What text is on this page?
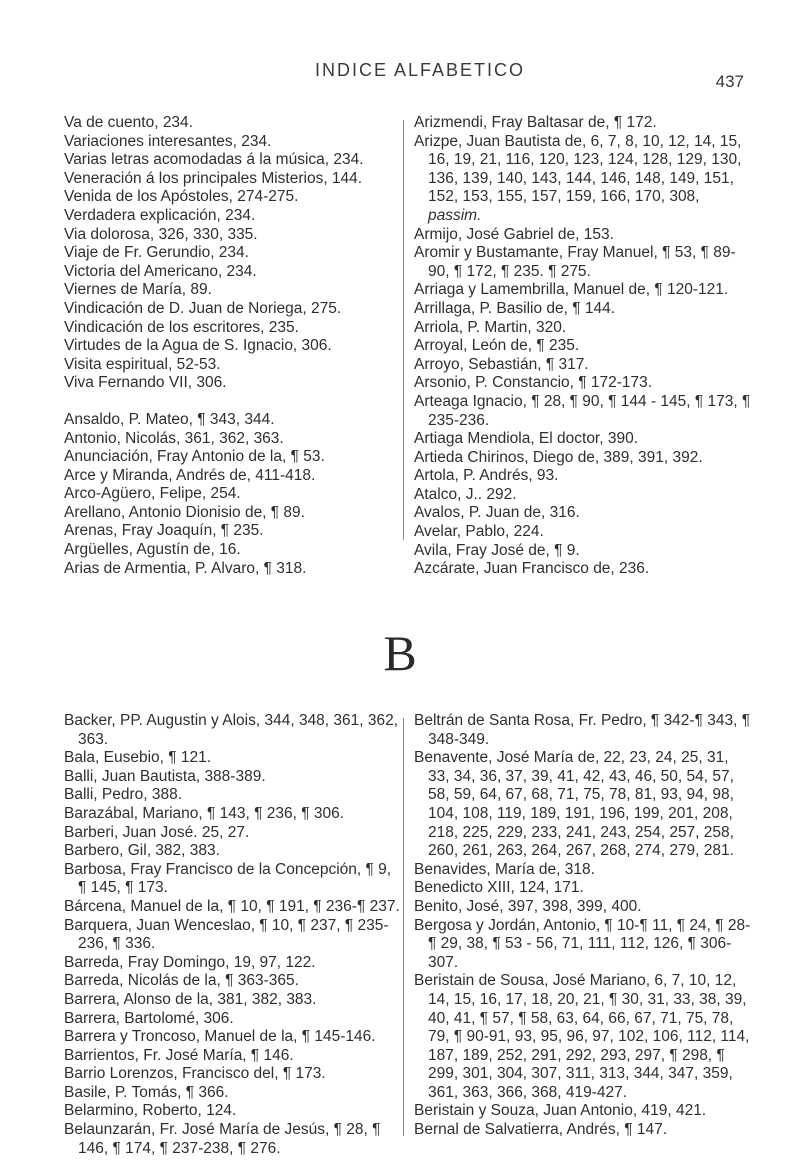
INDICE ALFABETICO
437

Va de cuento, 234.

Variaciones interesantes, 234.

Varias letras acomodadas á la música, 234.

Veneración á los principales Misterios, 144.

Venida de los Apóstoles, 274-275.

Verdadera explicación, 234.

Via dolorosa, 326, 330, 335.

Viaje de Fr. Gerundio, 234.

Victoria del Americano, 234.

Viernes de María, 89.

Vindicación de D. Juan de Noriega, 275.

Vindicación de los escritores, 235.

Virtudes de la Agua de S. Ignacio, 306.

Visita espiritual, 52-53.

Viva Fernando VII, 306.

Ansaldo, P. Mateo, ¶ 343, 344.

Antonio, Nicolás, 361, 362, 363.

Anunciación, Fray Antonio de la, ¶ 53.

Arce y Miranda, Andrés de, 411-418.

Arco-Agüero, Felipe, 254.

Arellano, Antonio Dionisio de, ¶ 89.

Arenas, Fray Joaquín, ¶ 235.

Argüelles, Agustín de, 16.

Arias de Armentia, P. Alvaro, ¶ 318.

Arizmendi, Fray Baltasar de, ¶ 172.

Arizpe, Juan Bautista de, 6, 7, 8, 10, 12, 14, 15, 16, 19, 21, 116, 120, 123, 124, 128, 129, 130, 136, 139, 140, 143, 144, 146, 148, 149, 151, 152, 153, 155, 157, 159, 166, 170, 308, passim.

Armijo, José Gabriel de, 153.

Aromir y Bustamante, Fray Manuel, ¶ 53, ¶ 89-90, ¶ 172, ¶ 235. ¶ 275.

Arriaga y Lamembrilla, Manuel de, ¶ 120-121.

Arrillaga, P. Basilio de, ¶ 144.

Arriola, P. Martin, 320.

Arroyal, León de, ¶ 235.

Arroyo, Sebastián, ¶ 317.

Arsonio, P. Constancio, ¶ 172-173.

Arteaga Ignacio, ¶ 28, ¶ 90, ¶ 144 - 145, ¶ 173, ¶ 235-236.

Artiaga Mendiola, El doctor, 390.

Artieda Chirinos, Diego de, 389, 391, 392.

Artola, P. Andrés, 93.

Atalco, J.. 292.

Avalos, P. Juan de, 316.

Avelar, Pablo, 224.

Avila, Fray José de, ¶ 9.

Azcárate, Juan Francisco de, 236.

B

Backer, PP. Augustin y Alois, 344, 348, 361, 362, 363.

Bala, Eusebio, ¶ 121.

Balli, Juan Bautista, 388-389.

Balli, Pedro, 388.

Barazábal, Mariano, ¶ 143, ¶ 236, ¶ 306.

Barberi, Juan José. 25, 27.

Barbero, Gil, 382, 383.

Barbosa, Fray Francisco de la Concepción, ¶ 9, ¶ 145, ¶ 173.

Bárcena, Manuel de la, ¶ 10, ¶ 191, ¶ 236-¶ 237.

Barquera, Juan Wenceslao, ¶ 10, ¶ 237, ¶ 235-236, ¶ 336.

Barreda, Fray Domingo, 19, 97, 122.

Barreda, Nicolás de la, ¶ 363-365.

Barrera, Alonso de la, 381, 382, 383.

Barrera, Bartolomé, 306.

Barrera y Troncoso, Manuel de la, ¶ 145-146.

Barrientos, Fr. José María, ¶ 146.

Barrio Lorenzos, Francisco del, ¶ 173.

Basile, P. Tomás, ¶ 366.

Belarmino, Roberto, 124.

Belaunzarán, Fr. José María de Jesús, ¶ 28, ¶ 146, ¶ 174, ¶ 237-238, ¶ 276.

Beltrán de Santa Rosa, Fr. Pedro, ¶ 342-¶ 343, ¶ 348-349.

Benavente, José María de, 22, 23, 24, 25, 31, 33, 34, 36, 37, 39, 41, 42, 43, 46, 50, 54, 57, 58, 59, 64, 67, 68, 71, 75, 78, 81, 93, 94, 98, 104, 108, 119, 189, 191, 196, 199, 201, 208, 218, 225, 229, 233, 241, 243, 254, 257, 258, 260, 261, 263, 264, 267, 268, 274, 279, 281.

Benavides, María de, 318.

Benedicto XIII, 124, 171.

Benito, José, 397, 398, 399, 400.

Bergosa y Jordán, Antonio, ¶ 10-¶ 11, ¶ 24, ¶ 28-¶ 29, 38, ¶ 53 - 56, 71, 111, 112, 126, ¶ 306-307.

Beristain de Sousa, José Mariano, 6, 7, 10, 12, 14, 15, 16, 17, 18, 20, 21, ¶ 30, 31, 33, 38, 39, 40, 41, ¶ 57, ¶ 58, 63, 64, 66, 67, 71, 75, 78, 79, ¶ 90-91, 93, 95, 96, 97, 102, 106, 112, 114, 187, 189, 252, 291, 292, 293, 297, ¶ 298, ¶ 299, 301, 304, 307, 311, 313, 344, 347, 359, 361, 363, 366, 368, 419-427.

Beristain y Souza, Juan Antonio, 419, 421.

Bernal de Salvatierra, Andrés, ¶ 147.
